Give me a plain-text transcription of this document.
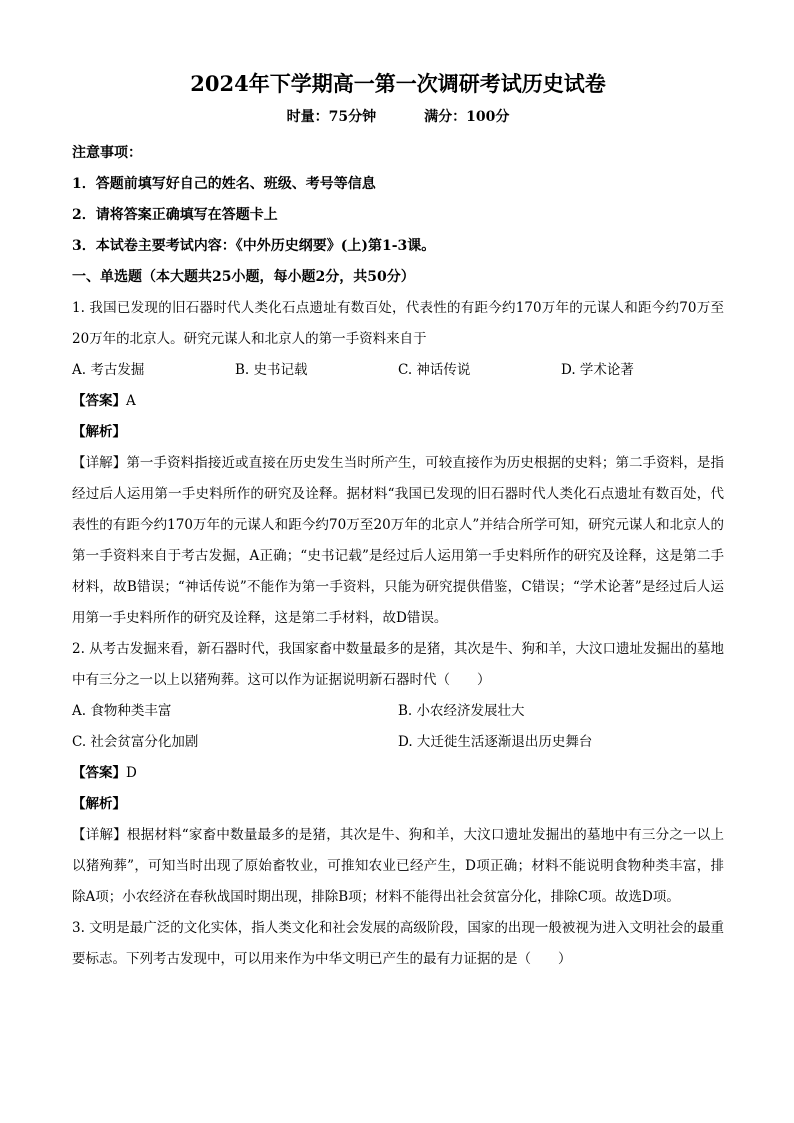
2024年下学期高一第一次调研考试历史试卷
时量：75分钟	满分：100分
注意事项：
1．答题前填写好自己的姓名、班级、考号等信息
2．请将答案正确填写在答题卡上
3．本试卷主要考试内容：《中外历史纲要》(上)第1-3课。
一、单选题（本大题共25小题，每小题2分，共50分）
1. 我国已发现的旧石器时代人类化石点遗址有数百处，代表性的有距今约170万年的元谋人和距今约70万至20万年的北京人。研究元谋人和北京人的第一手资料来自于
A. 考古发掘	B. 史书记载	C. 神话传说	D. 学术论著
【答案】A
【解析】
【详解】第一手资料指接近或直接在历史发生当时所产生，可较直接作为历史根据的史料；第二手资料，是指经过后人运用第一手史料所作的研究及诠释。据材料“我国已发现的旧石器时代人类化石点遗址有数百处，代表性的有距今约170万年的元谋人和距今约70万至20万年的北京人”并结合所学可知，研究元谋人和北京人的第一手资料来自于考古发掘，A正确；“史书记载”是经过后人运用第一手史料所作的研究及诠释，这是第二手材料，故B错误；“神话传说”不能作为第一手资料，只能为研究提供借鉴，C错误；“学术论著”是经过后人运用第一手史料所作的研究及诠释，这是第二手材料，故D错误。
2. 从考古发掘来看，新石器时代，我国家畜中数量最多的是猪，其次是牛、狗和羊，大汶口遗址发掘出的墓地中有三分之一以上以猪殉葬。这可以作为证据说明新石器时代（　　）
A. 食物种类丰富	B. 小农经济发展壮大
C. 社会贫富分化加剧	D. 大迁徙生活逐渐退出历史舞台
【答案】D
【解析】
【详解】根据材料“家畜中数量最多的是猪，其次是牛、狗和羊，大汶口遗址发掘出的墓地中有三分之一以上以猪殉葬”，可知当时出现了原始畜牧业，可推知农业已经产生，D项正确；材料不能说明食物种类丰富，排除A项；小农经济在春秋战国时期出现，排除B项；材料不能得出社会贫富分化，排除C项。故选D项。
3. 文明是最广泛的文化实体，指人类文化和社会发展的高级阶段，国家的出现一般被视为进入文明社会的最重要标志。下列考古发现中，可以用来作为中华文明已产生的最有力证据的是（　　）
